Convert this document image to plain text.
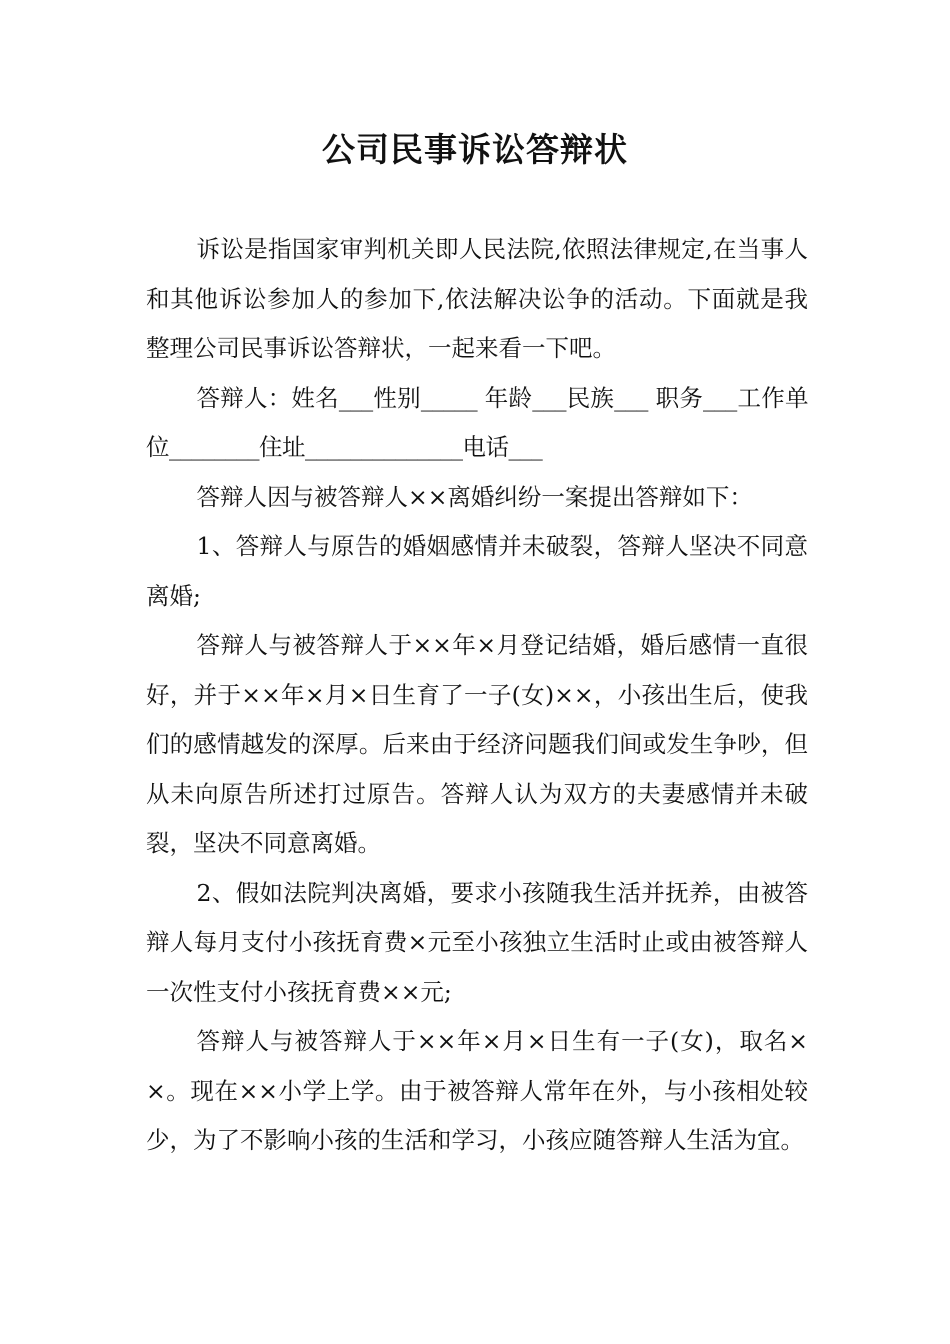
公司民事诉讼答辩状

诉讼是指国家审判机关即人民法院,依照法律规定,在当事人和其他诉讼参加人的参加下,依法解决讼争的活动。下面就是我整理公司民事诉讼答辩状，一起来看一下吧。

答辩人：姓名___性别_____ 年龄___民族___ 职务___工作单位________住址______________电话___

答辩人因与被答辩人××离婚纠纷一案提出答辩如下：

1、答辩人与原告的婚姻感情并未破裂，答辩人坚决不同意离婚;

答辩人与被答辩人于××年×月登记结婚，婚后感情一直很好，并于××年×月×日生育了一子(女)××，小孩出生后，使我们的感情越发的深厚。后来由于经济问题我们间或发生争吵，但从未向原告所述打过原告。答辩人认为双方的夫妻感情并未破裂，坚决不同意离婚。

2、假如法院判决离婚，要求小孩随我生活并抚养，由被答辩人每月支付小孩抚育费×元至小孩独立生活时止或由被答辩人一次性支付小孩抚育费××元;

答辩人与被答辩人于××年×月×日生有一子(女)，取名××。现在××小学上学。由于被答辩人常年在外，与小孩相处较少，为了不影响小孩的生活和学习，小孩应随答辩人生活为宜。
